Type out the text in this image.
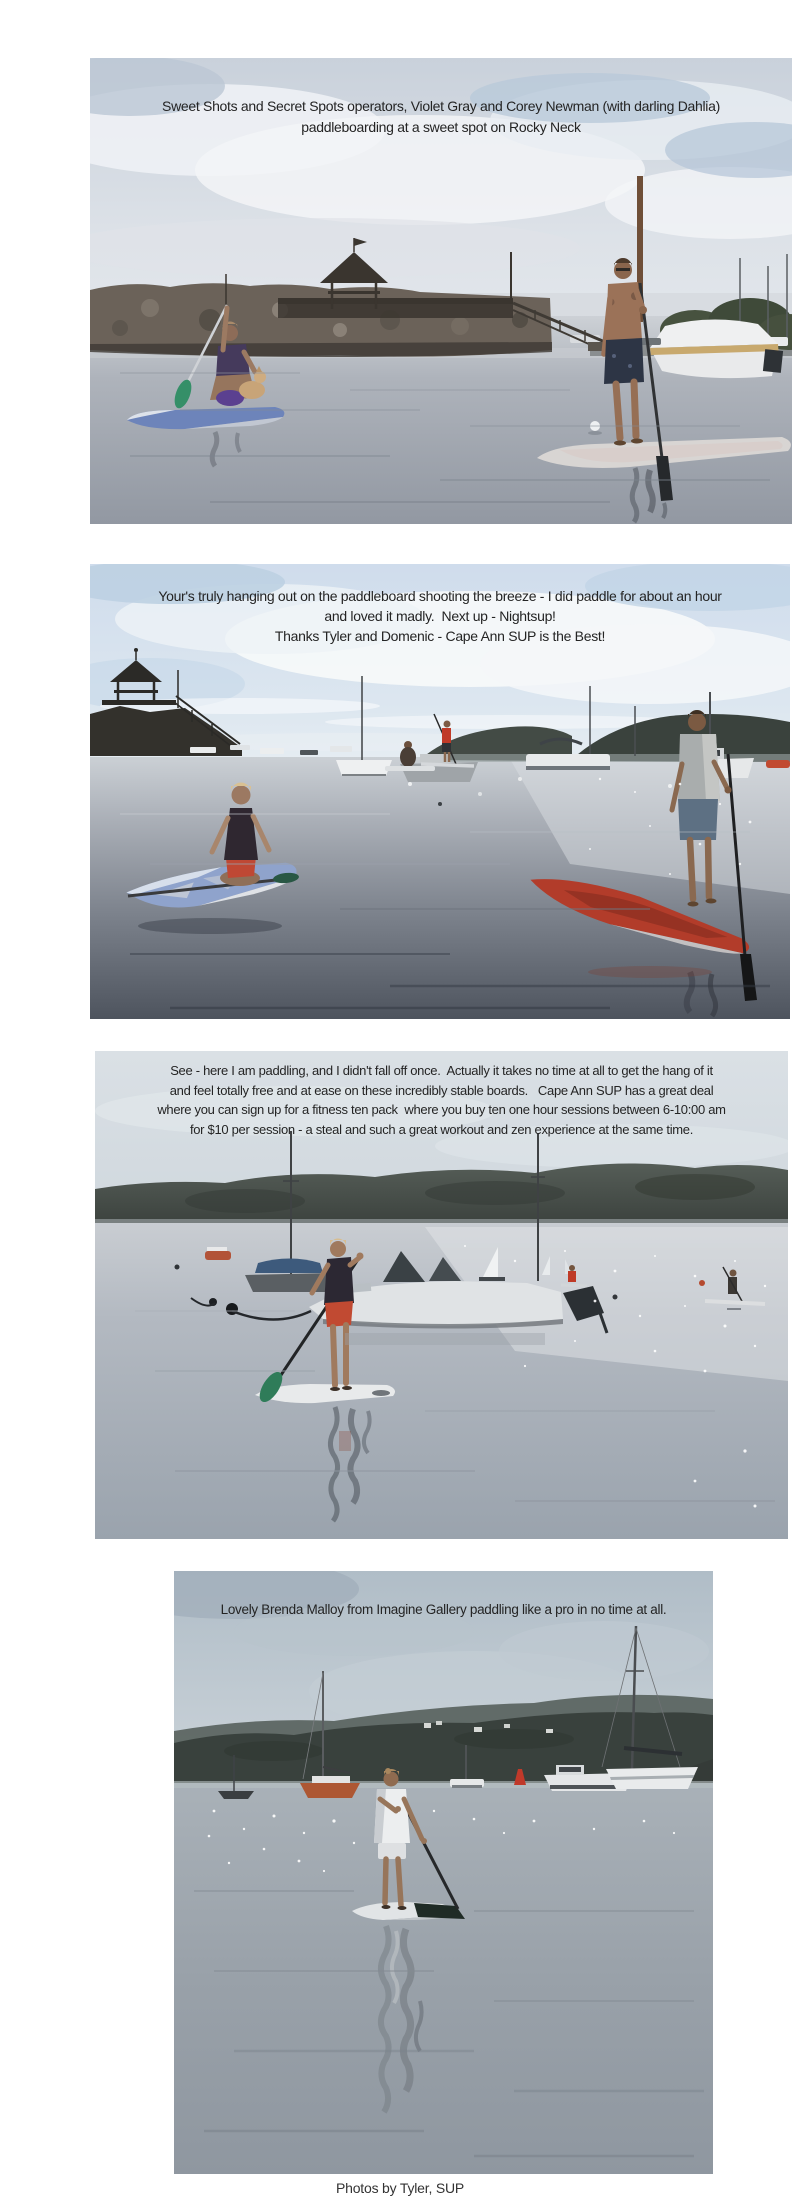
Sweet Shots and Secret Spots operators, Violet Gray and Corey Newman (with darling Dahlia)
paddleboarding at a sweet spot on Rocky Neck
Your's truly hanging out on the paddleboard shooting the breeze - I did paddle for about an hour
and loved it madly.  Next up - Nightsup!
Thanks Tyler and Domenic - Cape Ann SUP is the Best!
See - here I am paddling, and I didn't fall off once.  Actually it takes no time at all to get the hang of it
and feel totally free and at ease on these incredibly stable boards.   Cape Ann SUP has a great deal
where you can sign up for a fitness ten pack  where you buy ten one hour sessions between 6-10:00 am
for $10 per session - a steal and such a great workout and zen experience at the same time.
Lovely Brenda Malloy from Imagine Gallery paddling like a pro in no time at all.

Photos by Tyler, SUP
